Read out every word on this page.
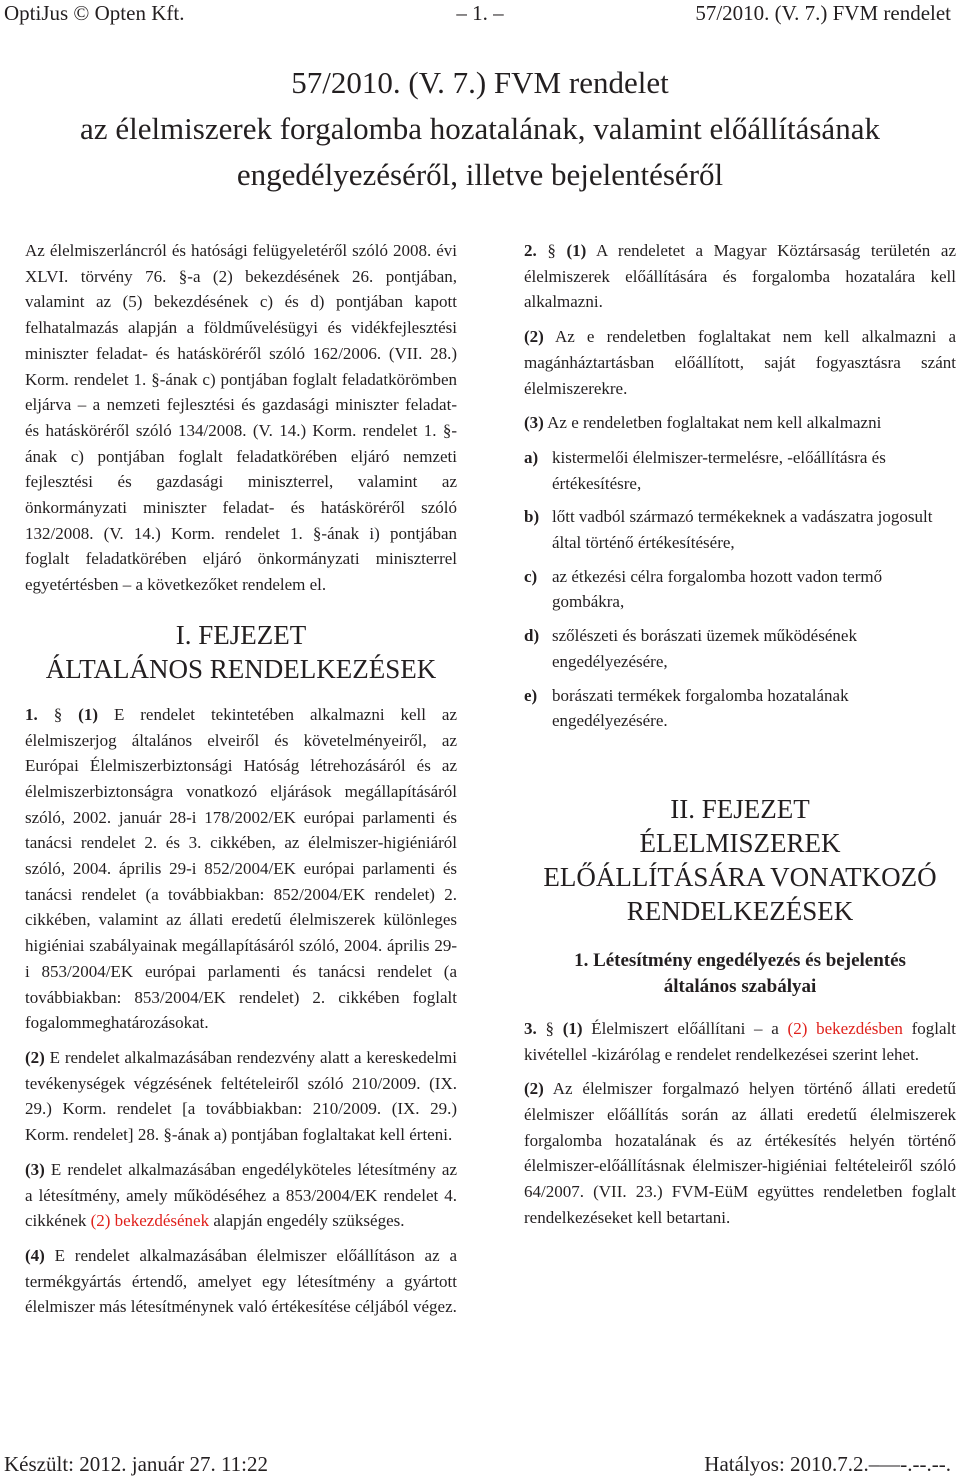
– 1. –
OptiJus © Opten Kft.	57/2010. (V. 7.) FVM rendelet
57/2010. (V. 7.) FVM rendelet
az élelmiszerek forgalomba hozatalának, valamint előállításának
engedélyezéséről, illetve bejelentéséről

Az élelmiszerláncról és hatósági felügyeletéről szóló 2008. évi XLVI. törvény 76. §-a (2) bekezdésének 26. pontjában, valamint az (5) bekezdésének c) és d) pontjában kapott felhatalmazás alapján a földművelésügyi és vidékfejlesztési miniszter feladat- és hatásköréről szóló 162/2006. (VII. 28.) Korm. rendelet 1. §-ának c) pontjában foglalt feladatkörömben eljárva – a nemzeti fejlesztési és gazdasági miniszter feladat- és hatásköréről szóló 134/2008. (V. 14.) Korm. rendelet 1. §-ának c) pontjában foglalt feladatkörében eljáró nemzeti fejlesztési és gazdasági miniszterrel, valamint az önkormányzati miniszter feladat- és hatásköréről szóló 132/2008. (V. 14.) Korm. rendelet 1. §-ának i) pontjában foglalt feladatkörében eljáró önkormányzati miniszterrel egyetértésben – a következőket rendelem el.

I. FEJEZET
ÁLTALÁNOS RENDELKEZÉSEK

1. § (1) E rendelet tekintetében alkalmazni kell az élelmiszerjog általános elveiről és követelményeiről, az Európai Élelmiszerbiztonsági Hatóság létrehozásáról és az élelmiszerbiztonságra vonatkozó eljárások megállapításáról szóló, 2002. január 28-i 178/2002/EK európai parlamenti és tanácsi rendelet 2. és 3. cikkében, az élelmiszer-higiéniáról szóló, 2004. április 29-i 852/2004/EK európai parlamenti és tanácsi rendelet (a továbbiakban: 852/2004/EK rendelet) 2. cikkében, valamint az állati eredetű élelmiszerek különleges higiéniai szabályainak megállapításáról szóló, 2004. április 29-i 853/2004/EK európai parlamenti és tanácsi rendelet (a továbbiakban: 853/2004/EK rendelet) 2. cikkében foglalt fogalommeghatározásokat.

(2) E rendelet alkalmazásában rendezvény alatt a kereskedelmi tevékenységek végzésének feltételeiről szóló 210/2009. (IX. 29.) Korm. rendelet [a továbbiakban: 210/2009. (IX. 29.) Korm. rendelet] 28. §-ának a) pontjában foglaltakat kell érteni.

(3) E rendelet alkalmazásában engedélyköteles létesítmény az a létesítmény, amely működéséhez a 853/2004/EK rendelet 4. cikkének (2) bekezdésének alapján engedély szükséges.

(4) E rendelet alkalmazásában élelmiszer előállításon az a termékgyártás értendő, amelyet egy létesítmény a gyártott élelmiszer más létesítménynek való értékesítése céljából végez.

2. § (1) A rendeletet a Magyar Köztársaság területén az élelmiszerek előállítására és forgalomba hozatalára kell alkalmazni.

(2) Az e rendeletben foglaltakat nem kell alkalmazni a magánháztartásban előállított, saját fogyasztásra szánt élelmiszerekre.

(3) Az e rendeletben foglaltakat nem kell alkalmazni

a) kistermelői élelmiszer-termelésre, -előállításra és értékesítésre,
b) lőtt vadból származó termékeknek a vadászatra jogosult által történő értékesítésére,
c) az étkezési célra forgalomba hozott vadon termő gombákra,
d) szőlészeti és borászati üzemek működésének engedélyezésére,
e) borászati termékek forgalomba hozatalának engedélyezésére.
II. FEJEZET
ÉLELMISZEREK
ELŐÁLLÍTÁSÁRA VONATKOZÓ
RENDELKEZÉSEK
1. Létesítmény engedélyezés és bejelentés
általános szabályai

3. § (1) Élelmiszert előállítani – a (2) bekezdésben foglalt kivétellel -kizárólag e rendelet rendelkezései szerint lehet.

(2) Az élelmiszer forgalmazó helyen történő állati eredetű élelmiszer előállítás során az állati eredetű élelmiszerek forgalomba hozatalának és az értékesítés helyén történő élelmiszer-előállításnak élelmiszer-higiéniai feltételeiről szóló 64/2007. (VII. 23.) FVM-EüM együttes rendeletben foglalt rendelkezéseket kell betartani.

Készült: 2012. január 27. 11:22	Hatályos: 2010.7.2.–—-.--.--.
